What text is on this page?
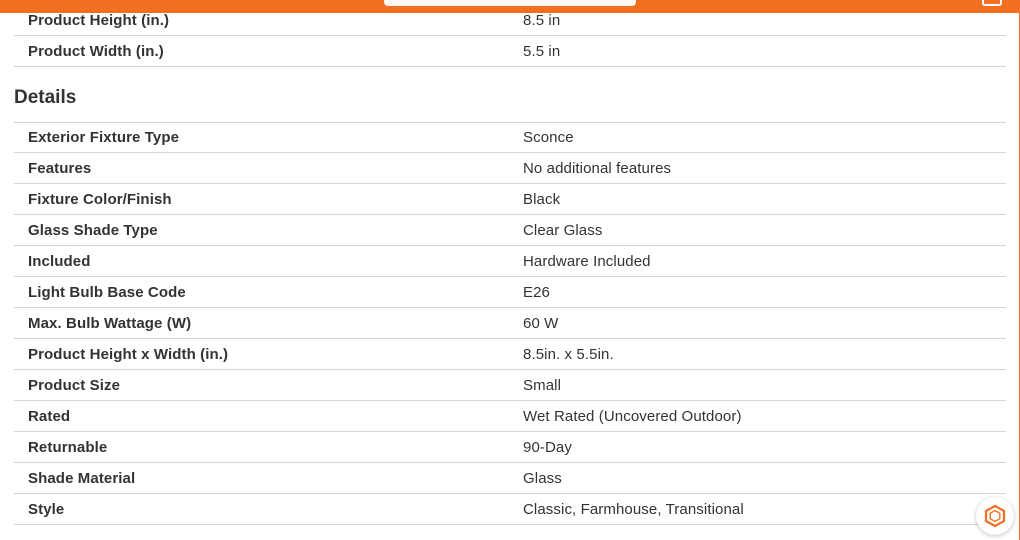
Product Height (in.)	8.5 in
Product Width (in.)	5.5 in
Details
Exterior Fixture Type	Sconce
Features	No additional features
Fixture Color/Finish	Black
Glass Shade Type	Clear Glass
Included	Hardware Included
Light Bulb Base Code	E26
Max. Bulb Wattage (W)	60 W
Product Height x Width (in.)	8.5in. x 5.5in.
Product Size	Small
Rated	Wet Rated (Uncovered Outdoor)
Returnable	90-Day
Shade Material	Glass
Style	Classic, Farmhouse, Transitional
